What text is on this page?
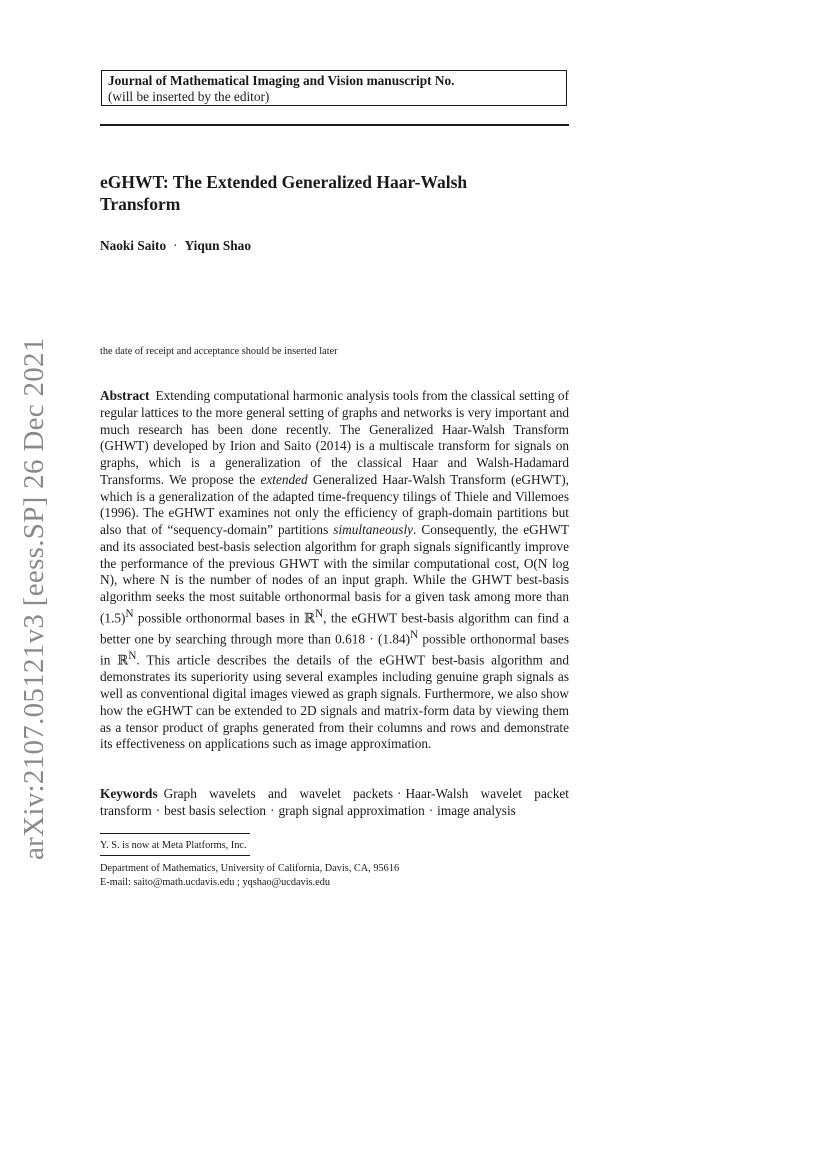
arXiv:2107.05121v3 [eess.SP] 26 Dec 2021
Journal of Mathematical Imaging and Vision manuscript No.
(will be inserted by the editor)
eGHWT: The Extended Generalized Haar-Walsh
Transform
Naoki Saito · Yiqun Shao
the date of receipt and acceptance should be inserted later
Abstract Extending computational harmonic analysis tools from the classical setting of regular lattices to the more general setting of graphs and networks is very important and much research has been done recently. The Generalized Haar-Walsh Transform (GHWT) developed by Irion and Saito (2014) is a multiscale transform for signals on graphs, which is a generalization of the classical Haar and Walsh-Hadamard Transforms. We propose the extended Generalized Haar-Walsh Transform (eGHWT), which is a generalization of the adapted time-frequency tilings of Thiele and Villemoes (1996). The eGHWT examines not only the efficiency of graph-domain partitions but also that of “sequency-domain” partitions simultaneously. Consequently, the eGHWT and its associated best-basis selection algorithm for graph signals significantly improve the performance of the previous GHWT with the similar computational cost, O(N log N), where N is the number of nodes of an input graph. While the GHWT best-basis algorithm seeks the most suitable orthonormal basis for a given task among more than $(1.5)^N$ possible orthonormal bases in ℝ$^N$, the eGHWT best-basis algorithm can find a better one by searching through more than $0.618 \cdot (1.84)^N$ possible orthonormal bases in ℝ$^N$. This article describes the details of the eGHWT best-basis algorithm and demonstrates its superiority using several examples including genuine graph signals as well as conventional digital images viewed as graph signals. Furthermore, we also show how the eGHWT can be extended to 2D signals and matrix-form data by viewing them as a tensor product of graphs generated from their columns and rows and demonstrate its effectiveness on applications such as image approximation.
Keywords Graph wavelets and wavelet packets · Haar-Walsh wavelet packet transform · best basis selection · graph signal approximation · image analysis
Y. S. is now at Meta Platforms, Inc.
Department of Mathematics, University of California, Davis, CA, 95616
E-mail: saito@math.ucdavis.edu ; yqshao@ucdavis.edu
